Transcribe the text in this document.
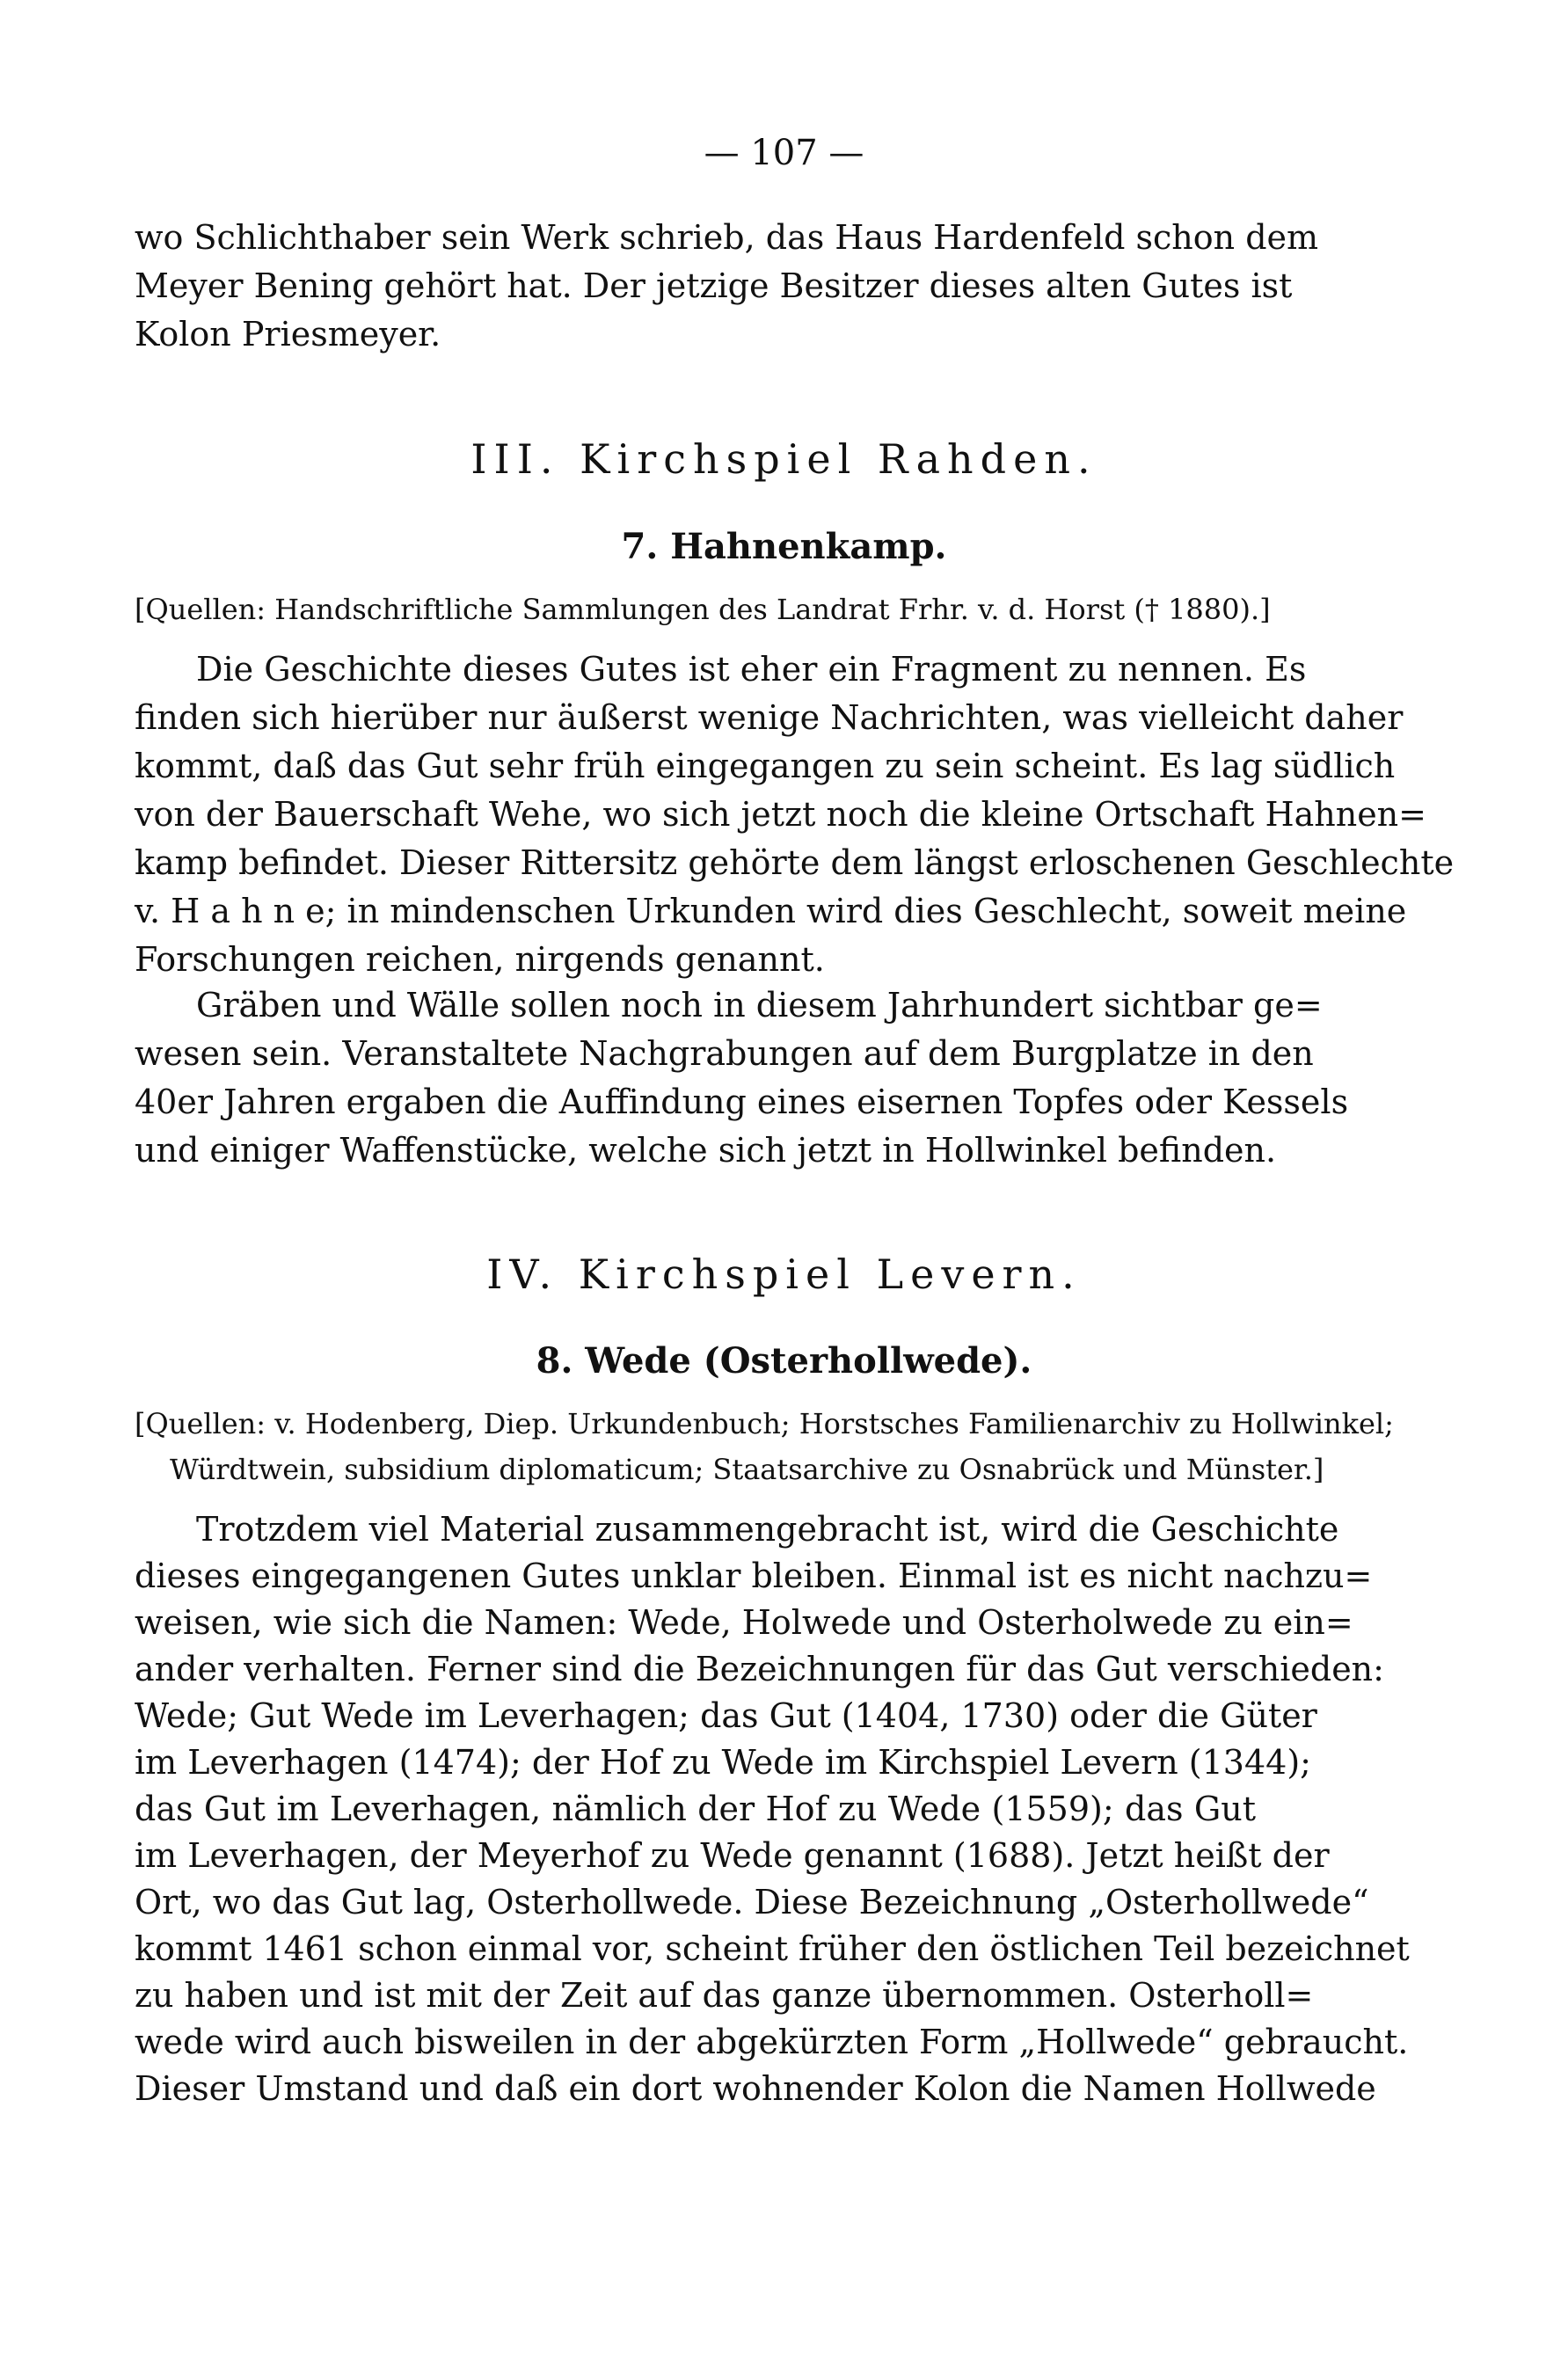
— 107 —
wo Schlichthaber sein Werk schrieb, das Haus Hardenfeld schon dem
Meyer Bening gehört hat. Der jetzige Besitzer dieses alten Gutes ist
Kolon Priesmeyer.
III. Kirchspiel Rahden.
7. Hahnenkamp.
[Quellen: Handschriftliche Sammlungen des Landrat Frhr. v. d. Horst († 1880).]
Die Geschichte dieses Gutes ist eher ein Fragment zu nennen. Es
finden sich hierüber nur äußerst wenige Nachrichten, was vielleicht daher
kommt, daß das Gut sehr früh eingegangen zu sein scheint. Es lag südlich
von der Bauerschaft Wehe, wo sich jetzt noch die kleine Ortschaft Hahnen=
kamp befindet. Dieser Rittersitz gehörte dem längst erloschenen Geschlechte
v. H a h n e; in mindenschen Urkunden wird dies Geschlecht, soweit meine
Forschungen reichen, nirgends genannt.
Gräben und Wälle sollen noch in diesem Jahrhundert sichtbar ge=
wesen sein. Veranstaltete Nachgrabungen auf dem Burgplatze in den
40er Jahren ergaben die Auffindung eines eisernen Topfes oder Kessels
und einiger Waffenstücke, welche sich jetzt in Hollwinkel befinden.
IV. Kirchspiel Levern.
8. Wede (Osterhollwede).
[Quellen: v. Hodenberg, Diep. Urkundenbuch; Horstsches Familienarchiv zu Hollwinkel;
Würdtwein, subsidium diplomaticum; Staatsarchive zu Osnabrück und Münster.]
Trotzdem viel Material zusammengebracht ist, wird die Geschichte
dieses eingegangenen Gutes unklar bleiben. Einmal ist es nicht nachzu=
weisen, wie sich die Namen: Wede, Holwede und Osterholwede zu ein=
ander verhalten. Ferner sind die Bezeichnungen für das Gut verschieden:
Wede; Gut Wede im Leverhagen; das Gut (1404, 1730) oder die Güter
im Leverhagen (1474); der Hof zu Wede im Kirchspiel Levern (1344);
das Gut im Leverhagen, nämlich der Hof zu Wede (1559); das Gut
im Leverhagen, der Meyerhof zu Wede genannt (1688). Jetzt heißt der
Ort, wo das Gut lag, Osterhollwede. Diese Bezeichnung „Osterhollwede“
kommt 1461 schon einmal vor, scheint früher den östlichen Teil bezeichnet
zu haben und ist mit der Zeit auf das ganze übernommen. Osterholl=
wede wird auch bisweilen in der abgekürzten Form „Hollwede“ gebraucht.
Dieser Umstand und daß ein dort wohnender Kolon die Namen Hollwede
